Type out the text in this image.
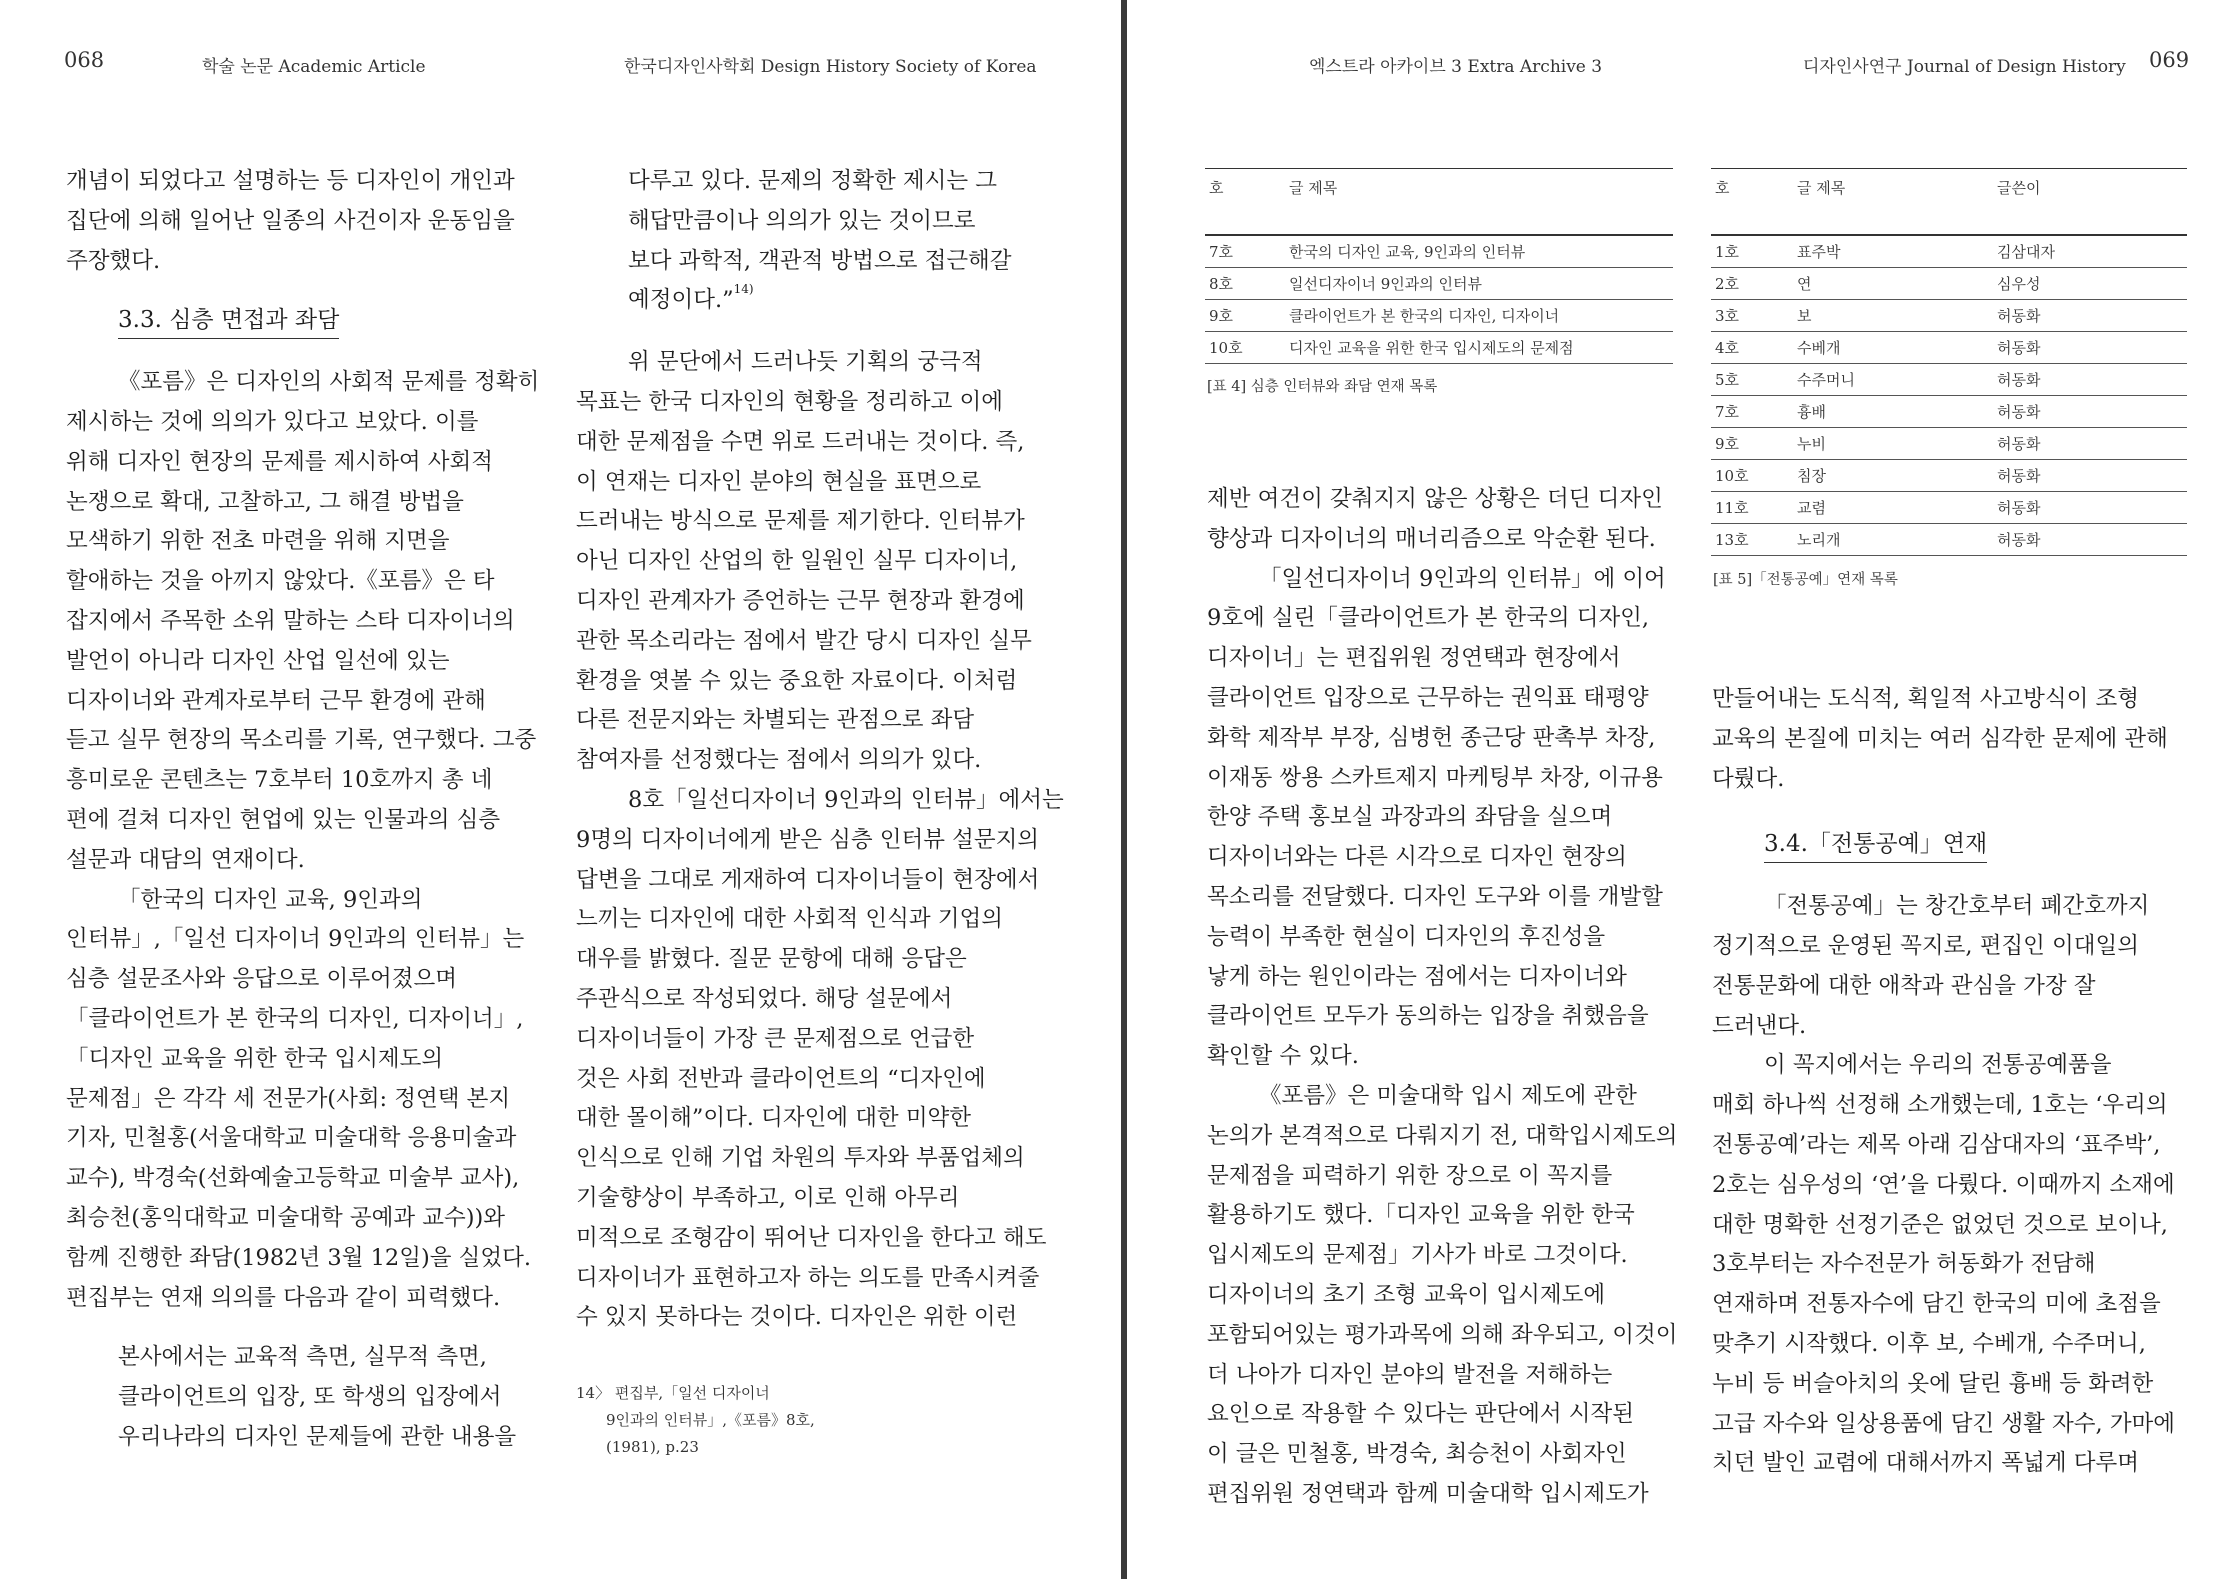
068	학술 논문 Academic Article	한국디자인사학회 Design History Society of Korea

개념이 되었다고 설명하는 등 디자인이 개인과

집단에 의해 일어난 일종의 사건이자 운동임을

주장했다.

3.3. 심층 면접과 좌담

《포름》은 디자인의 사회적 문제를 정확히

제시하는 것에 의의가 있다고 보았다. 이를

위해 디자인 현장의 문제를 제시하여 사회적

논쟁으로 확대, 고찰하고, 그 해결 방법을

모색하기 위한 전초 마련을 위해 지면을

할애하는 것을 아끼지 않았다.《포름》은 타

잡지에서 주목한 소위 말하는 스타 디자이너의

발언이 아니라 디자인 산업 일선에 있는

디자이너와 관계자로부터 근무 환경에 관해

듣고 실무 현장의 목소리를 기록, 연구했다. 그중

흥미로운 콘텐츠는 7호부터 10호까지 총 네

편에 걸쳐 디자인 현업에 있는 인물과의 심층

설문과 대담의 연재이다.

「한국의 디자인 교육, 9인과의

인터뷰」,「일선 디자이너 9인과의 인터뷰」는

심층 설문조사와 응답으로 이루어졌으며

「클라이언트가 본 한국의 디자인, 디자이너」,

「디자인 교육을 위한 한국 입시제도의

문제점」은 각각 세 전문가(사회: 정연택 본지

기자, 민철홍(서울대학교 미술대학 응용미술과

교수), 박경숙(선화예술고등학교 미술부 교사),

최승천(홍익대학교 미술대학 공예과 교수))와

함께 진행한 좌담(1982년 3월 12일)을 실었다.

편집부는 연재 의의를 다음과 같이 피력했다.

본사에서는 교육적 측면, 실무적 측면,

클라이언트의 입장, 또 학생의 입장에서

우리나라의 디자인 문제들에 관한 내용을

다루고 있다. 문제의 정확한 제시는 그

해답만큼이나 의의가 있는 것이므로

보다 과학적, 객관적 방법으로 접근해갈

예정이다.”$^{14)}$

위 문단에서 드러나듯 기획의 궁극적

목표는 한국 디자인의 현황을 정리하고 이에

대한 문제점을 수면 위로 드러내는 것이다. 즉,

이 연재는 디자인 분야의 현실을 표면으로

드러내는 방식으로 문제를 제기한다. 인터뷰가

아닌 디자인 산업의 한 일원인 실무 디자이너,

디자인 관계자가 증언하는 근무 현장과 환경에

관한 목소리라는 점에서 발간 당시 디자인 실무

환경을 엿볼 수 있는 중요한 자료이다. 이처럼

다른 전문지와는 차별되는 관점으로 좌담

참여자를 선정했다는 점에서 의의가 있다.

8호「일선디자이너 9인과의 인터뷰」에서는

9명의 디자이너에게 받은 심층 인터뷰 설문지의

답변을 그대로 게재하여 디자이너들이 현장에서

느끼는 디자인에 대한 사회적 인식과 기업의

대우를 밝혔다. 질문 문항에 대해 응답은

주관식으로 작성되었다. 해당 설문에서

디자이너들이 가장 큰 문제점으로 언급한

것은 사회 전반과 클라이언트의 “디자인에

대한 몰이해”이다. 디자인에 대한 미약한

인식으로 인해 기업 차원의 투자와 부품업체의

기술향상이 부족하고, 이로 인해 아무리

미적으로 조형감이 뛰어난 디자인을 한다고 해도

디자이너가 표현하고자 하는 의도를 만족시켜줄

수 있지 못하다는 것이다. 디자인은 위한 이런

14〉 편집부,「일선 디자이너

9인과의 인터뷰」,《포름》8호,

(1981), p.23

엑스트라 아카이브 3 Extra Archive 3	디자인사연구 Journal of Design History 069
호	글 제목
7호	한국의 디자인 교육, 9인과의 인터뷰
8호	일선디자이너 9인과의 인터뷰
9호	클라이언트가 본 한국의 디자인, 디자이너
10호	디자인 교육을 위한 한국 입시제도의 문제점
[표 4] 심층 인터뷰와 좌담 연재 목록
호	글 제목	글쓴이
1호	표주박	김삼대자
2호	연	심우성
3호	보	허동화
4호	수베개	허동화
5호	수주머니	허동화
7호	흉배	허동화
9호	누비	허동화
10호	침장	허동화
11호	교렴	허동화
13호	노리개	허동화
[표 5]「전통공예」연재 목록

제반 여건이 갖춰지지 않은 상황은 더딘 디자인

향상과 디자이너의 매너리즘으로 악순환 된다.

「일선디자이너 9인과의 인터뷰」에 이어

9호에 실린「클라이언트가 본 한국의 디자인,

디자이너」는 편집위원 정연택과 현장에서

클라이언트 입장으로 근무하는 권익표 태평양

화학 제작부 부장, 심병헌 종근당 판촉부 차장,

이재동 쌍용 스카트제지 마케팅부 차장, 이규용

한양 주택 홍보실 과장과의 좌담을 실으며

디자이너와는 다른 시각으로 디자인 현장의

목소리를 전달했다. 디자인 도구와 이를 개발할

능력이 부족한 현실이 디자인의 후진성을

낳게 하는 원인이라는 점에서는 디자이너와

클라이언트 모두가 동의하는 입장을 취했음을

확인할 수 있다.

《포름》은 미술대학 입시 제도에 관한

논의가 본격적으로 다뤄지기 전, 대학입시제도의

문제점을 피력하기 위한 장으로 이 꼭지를

활용하기도 했다.「디자인 교육을 위한 한국

입시제도의 문제점」기사가 바로 그것이다.

디자이너의 초기 조형 교육이 입시제도에

포함되어있는 평가과목에 의해 좌우되고, 이것이

더 나아가 디자인 분야의 발전을 저해하는

요인으로 작용할 수 있다는 판단에서 시작된

이 글은 민철홍, 박경숙, 최승천이 사회자인

편집위원 정연택과 함께 미술대학 입시제도가

만들어내는 도식적, 획일적 사고방식이 조형

교육의 본질에 미치는 여러 심각한 문제에 관해

다뤘다.

3.4.「전통공예」연재

「전통공예」는 창간호부터 폐간호까지

정기적으로 운영된 꼭지로, 편집인 이대일의

전통문화에 대한 애착과 관심을 가장 잘

드러낸다.

이 꼭지에서는 우리의 전통공예품을

매회 하나씩 선정해 소개했는데, 1호는 ‘우리의

전통공예’라는 제목 아래 김삼대자의 ‘표주박’,

2호는 심우성의 ‘연’을 다뤘다. 이때까지 소재에

대한 명확한 선정기준은 없었던 것으로 보이나,

3호부터는 자수전문가 허동화가 전담해

연재하며 전통자수에 담긴 한국의 미에 초점을

맞추기 시작했다. 이후 보, 수베개, 수주머니,

누비 등 버슬아치의 옷에 달린 흉배 등 화려한

고급 자수와 일상용품에 담긴 생활 자수, 가마에

치던 발인 교렴에 대해서까지 폭넓게 다루며
